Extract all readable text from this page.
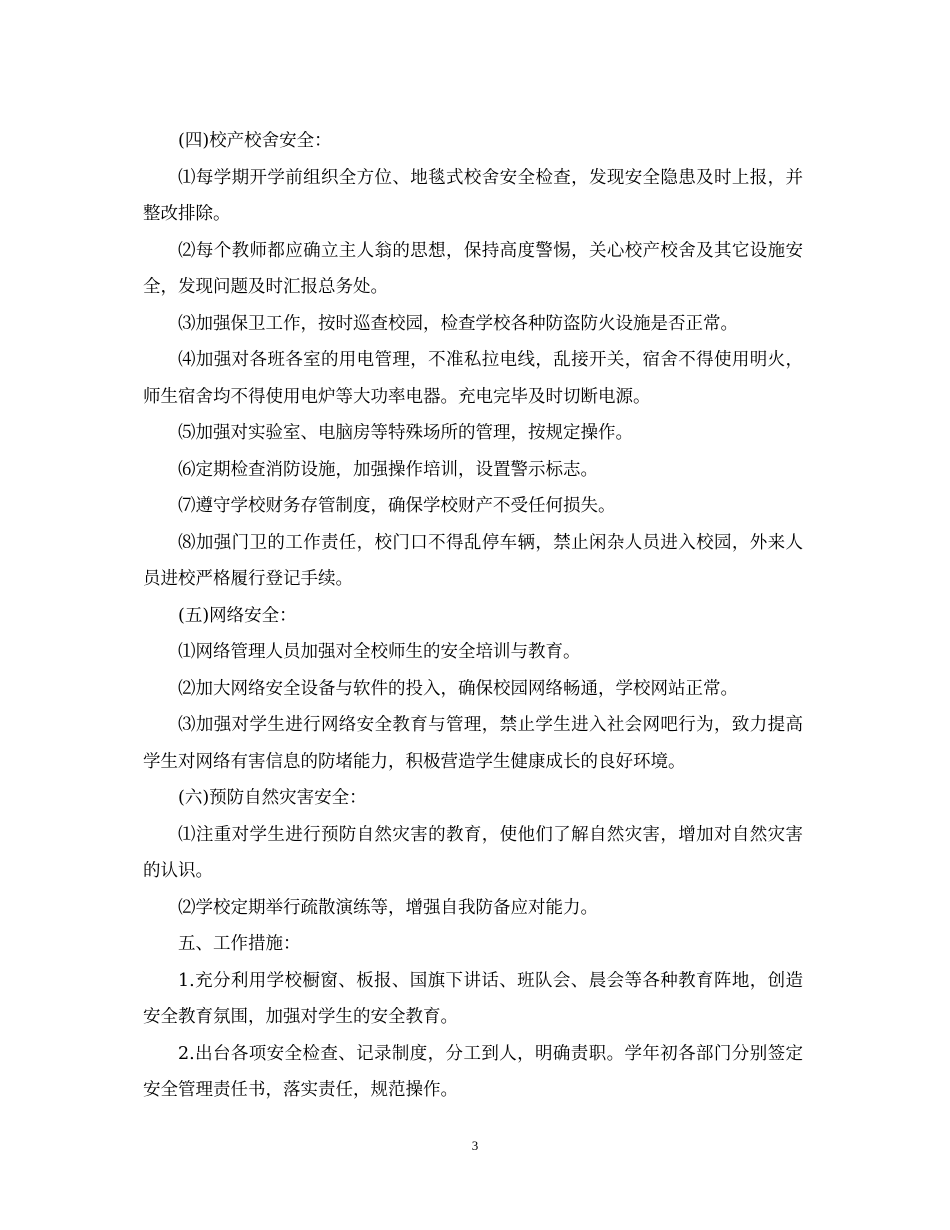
(四)校产校舍安全：

⑴每学期开学前组织全方位、地毯式校舍安全检查，发现安全隐患及时上报，并整改排除。

⑵每个教师都应确立主人翁的思想，保持高度警惕，关心校产校舍及其它设施安全，发现问题及时汇报总务处。

⑶加强保卫工作，按时巡查校园，检查学校各种防盗防火设施是否正常。

⑷加强对各班各室的用电管理，不准私拉电线，乱接开关，宿舍不得使用明火，师生宿舍均不得使用电炉等大功率电器。充电完毕及时切断电源。

⑸加强对实验室、电脑房等特殊场所的管理，按规定操作。

⑹定期检查消防设施，加强操作培训，设置警示标志。

⑺遵守学校财务存管制度，确保学校财产不受任何损失。

⑻加强门卫的工作责任，校门口不得乱停车辆，禁止闲杂人员进入校园，外来人员进校严格履行登记手续。

(五)网络安全：

⑴网络管理人员加强对全校师生的安全培训与教育。

⑵加大网络安全设备与软件的投入，确保校园网络畅通，学校网站正常。

⑶加强对学生进行网络安全教育与管理，禁止学生进入社会网吧行为，致力提高学生对网络有害信息的防堵能力，积极营造学生健康成长的良好环境。

(六)预防自然灾害安全：

⑴注重对学生进行预防自然灾害的教育，使他们了解自然灾害，增加对自然灾害的认识。

⑵学校定期举行疏散演练等，增强自我防备应对能力。

五、工作措施：

1.充分利用学校橱窗、板报、国旗下讲话、班队会、晨会等各种教育阵地，创造安全教育氛围，加强对学生的安全教育。

2.出台各项安全检查、记录制度，分工到人，明确责职。学年初各部门分别签定安全管理责任书，落实责任，规范操作。

3
